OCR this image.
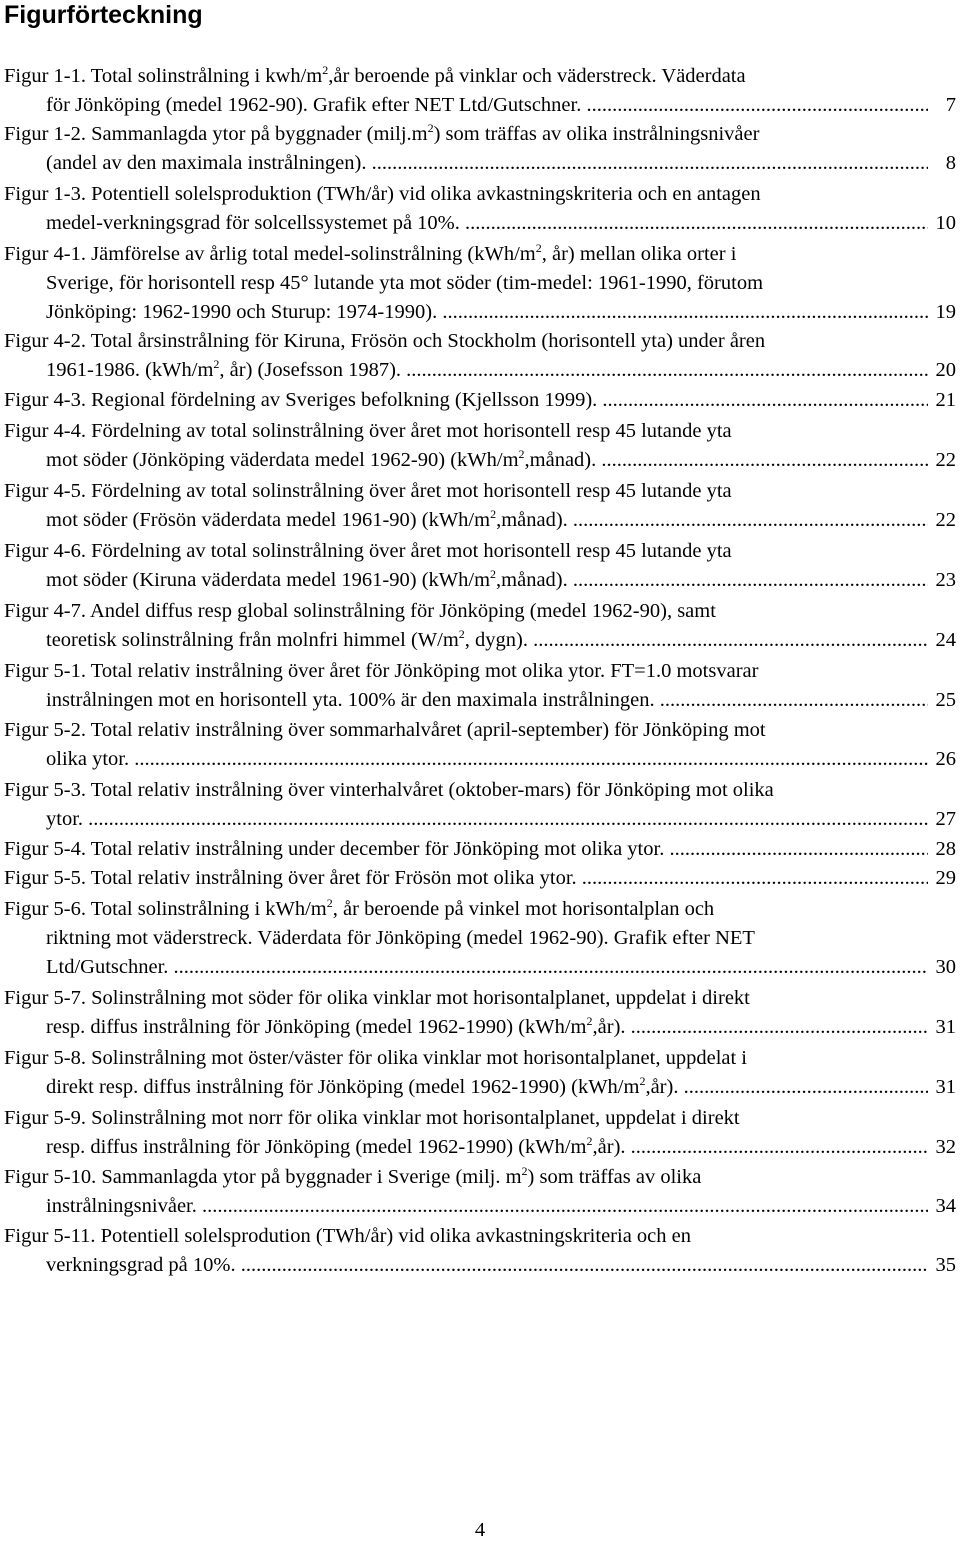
Figurförteckning
Figur 1-1. Total solinstrålning i kwh/$m^2,år$ beroende på vinklar och väderstreck. Väderdata
för Jönköping (medel 1962-90). Grafik efter NET Ltd/Gutschner. .....	7
Figur 1-2. Sammanlagda ytor på byggnader $(milj.m^2)$ som träffas av olika instrålningsnivåer
(andel av den maximala instrålningen). .....	8
Figur 1-3. Potentiell solelsproduktion (TWh/år) vid olika avkastningskriteria och en antagen
medel-verkningsgrad för solcellssystemet på 10%. .....	10
Figur 4-1. Jämförelse av årlig total medel-solinstrålning ($kWh/m^2$, år) mellan olika orter i
Sverige, för horisontell resp 45° lutande yta mot söder (tim-medel: 1961-1990, förutom
Jönköping: 1962-1990 och Sturup: 1974-1990). .....	19
Figur 4-2. Total årsinstrålning för Kiruna, Frösön och Stockholm (horisontell yta) under åren
1961-1986. ($kWh/m^2$, år) (Josefsson 1987). .....	20
Figur 4-3. Regional fördelning av Sveriges befolkning (Kjellsson 1999). .....	21
Figur 4-4. Fördelning av total solinstrålning över året mot horisontell resp 45 lutande yta
mot söder (Jönköping väderdata medel 1962-90) $(kWh/m^2,månad)$. .....	22
Figur 4-5. Fördelning av total solinstrålning över året mot horisontell resp 45 lutande yta
mot söder (Frösön väderdata medel 1961-90) $(kWh/m^2,månad)$. .....	22
Figur 4-6. Fördelning av total solinstrålning över året mot horisontell resp 45 lutande yta
mot söder (Kiruna väderdata medel 1961-90) $(kWh/m^2,månad)$. .....	23
Figur 4-7. Andel diffus resp global solinstrålning för Jönköping (medel 1962-90), samt
teoretisk solinstrålning från molnfri himmel ($W/m^2$, dygn). .....	24
Figur 5-1. Total relativ instrålning över året för Jönköping mot olika ytor. FT=1.0 motsvarar
instrålningen mot en horisontell yta. 100% är den maximala instrålningen. .....	25
Figur 5-2. Total relativ instrålning över sommarhalvåret (april-september) för Jönköping mot
olika ytor. .....	26
Figur 5-3. Total relativ instrålning över vinterhalvåret (oktober-mars) för Jönköping mot olika
ytor. .....	27
Figur 5-4. Total relativ instrålning under december för Jönköping mot olika ytor. .....	28
Figur 5-5. Total relativ instrålning över året för Frösön mot olika ytor. .....	29
Figur 5-6. Total solinstrålning i kWh/$m^2$, år beroende på vinkel mot horisontalplan och
riktning mot väderstreck. Väderdata för Jönköping (medel 1962-90). Grafik efter NET
Ltd/Gutschner. .....	30
Figur 5-7. Solinstrålning mot söder för olika vinklar mot horisontalplanet, uppdelat i direkt
resp. diffus instrålning för Jönköping (medel 1962-1990) $(kWh/m^2,år)$. .....	31
Figur 5-8. Solinstrålning mot öster/väster för olika vinklar mot horisontalplanet, uppdelat i
direkt resp. diffus instrålning för Jönköping (medel 1962-1990) $(kWh/m^2,år)$. .....	31
Figur 5-9. Solinstrålning mot norr för olika vinklar mot horisontalplanet, uppdelat i direkt
resp. diffus instrålning för Jönköping (medel 1962-1990) $(kWh/m^2,år)$. .....	32
Figur 5-10. Sammanlagda ytor på byggnader i Sverige (milj. $m^2$) som träffas av olika
instrålningsnivåer. .....	34
Figur 5-11. Potentiell solelsprodution (TWh/år) vid olika avkastningskriteria och en
verkningsgrad på 10%. .....	35
4
